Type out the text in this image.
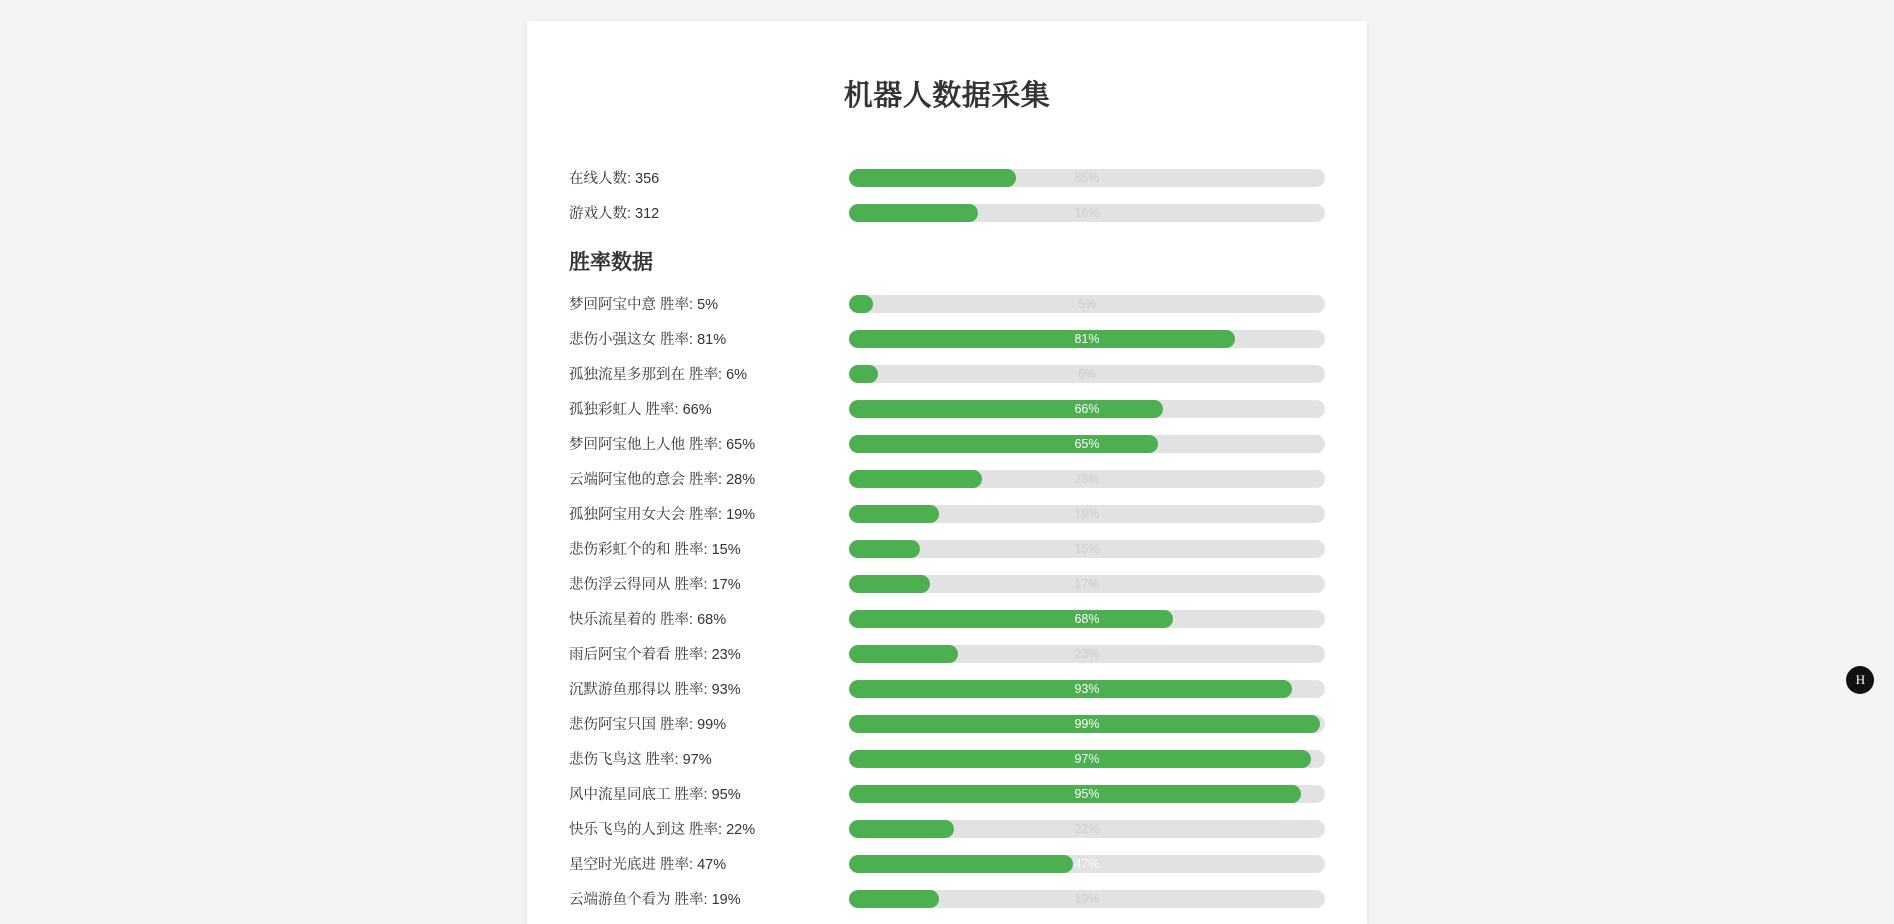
机器人数据采集
在线人数: 356	85%
游戏人数: 312	16%
胜率数据
梦回阿宝中意 胜率: 5%	5%
悲伤小强这女 胜率: 81%	81%
孤独流星多那到在 胜率: 6%	6%
孤独彩虹人 胜率: 66%	66%
梦回阿宝他上人他 胜率: 65%	65%
云端阿宝他的意会 胜率: 28%	28%
孤独阿宝用女大会 胜率: 19%	19%
悲伤彩虹个的和 胜率: 15%	15%
悲伤浮云得同从 胜率: 17%	17%
快乐流星着的 胜率: 68%	68%
雨后阿宝个着看 胜率: 23%	23%
沉默游鱼那得以 胜率: 93%	93%
悲伤阿宝只国 胜率: 99%	99%
悲伤飞鸟这 胜率: 97%	97%
风中流星同底工 胜率: 95%	95%
快乐飞鸟的人到这 胜率: 22%	22%
星空时光底进 胜率: 47%	47%
云端游鱼个看为 胜率: 19%	19%
H
